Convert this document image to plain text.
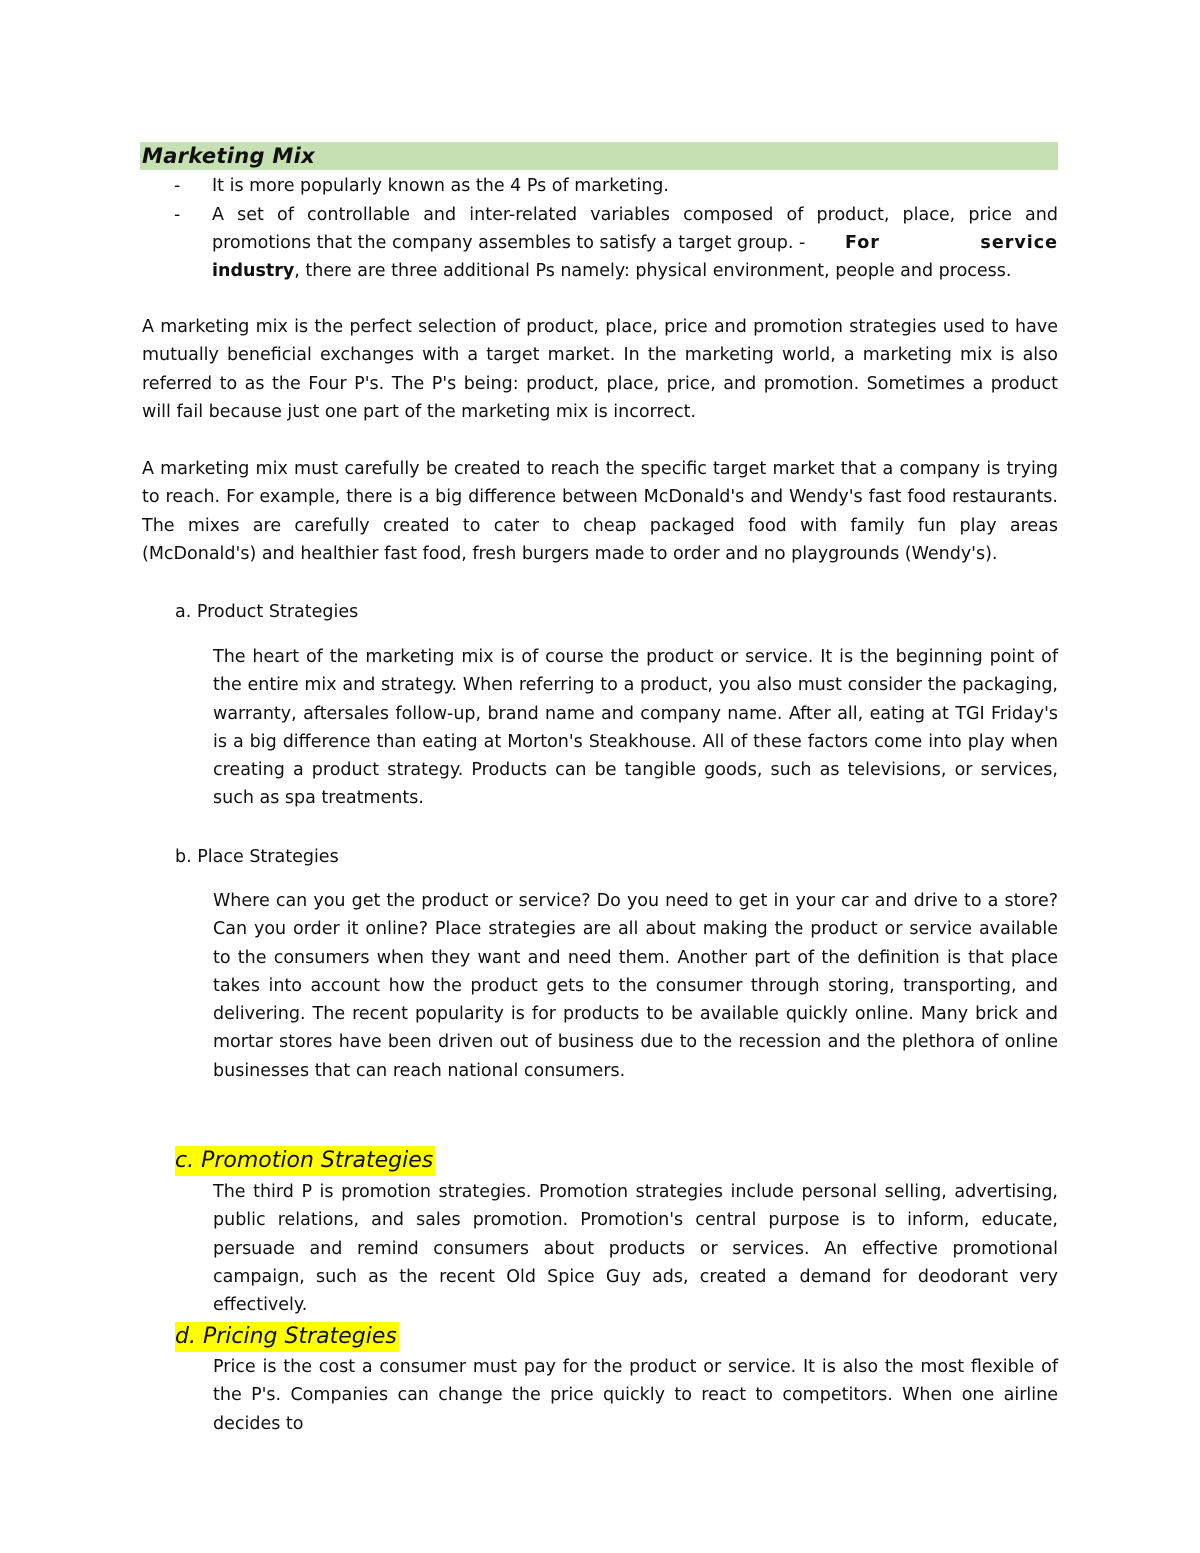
Marketing Mix
- It is more popularly known as the 4 Ps of marketing.
- A set of controllable and inter-related variables composed of product, place, price and
promotions that the company assembles to satisfy a target group. - For	service
industry, there are three additional Ps namely: physical environment, people and process.

A marketing mix is the perfect selection of product, place, price and promotion strategies used to have mutually beneficial exchanges with a target market. In the marketing world, a marketing mix is also referred to as the Four P's. The P's being: product, place, price, and promotion. Sometimes a product will fail because just one part of the marketing mix is incorrect.

A marketing mix must carefully be created to reach the specific target market that a company is trying to reach. For example, there is a big difference between McDonald's and Wendy's fast food restaurants. The mixes are carefully created to cater to cheap packaged food with family fun play areas (McDonald's) and healthier fast food, fresh burgers made to order and no playgrounds (Wendy's).

a. Product Strategies

The heart of the marketing mix is of course the product or service. It is the beginning point of the entire mix and strategy. When referring to a product, you also must consider the packaging, warranty, aftersales follow-up, brand name and company name. After all, eating at TGI Friday's is a big difference than eating at Morton's Steakhouse. All of these factors come into play when creating a product strategy. Products can be tangible goods, such as televisions, or services, such as spa treatments.

b. Place Strategies

Where can you get the product or service? Do you need to get in your car and drive to a store? Can you order it online? Place strategies are all about making the product or service available to the consumers when they want and need them. Another part of the definition is that place takes into account how the product gets to the consumer through storing, transporting, and delivering. The recent popularity is for products to be available quickly online. Many brick and mortar stores have been driven out of business due to the recession and the plethora of online businesses that can reach national consumers.

c. Promotion Strategies

The third P is promotion strategies. Promotion strategies include personal selling, advertising, public relations, and sales promotion. Promotion's central purpose is to inform, educate, persuade and remind consumers about products or services. An effective promotional campaign, such as the recent Old Spice Guy ads, created a demand for deodorant very effectively.

d. Pricing Strategies

Price is the cost a consumer must pay for the product or service. It is also the most flexible of the P's. Companies can change the price quickly to react to competitors. When one airline decides to
